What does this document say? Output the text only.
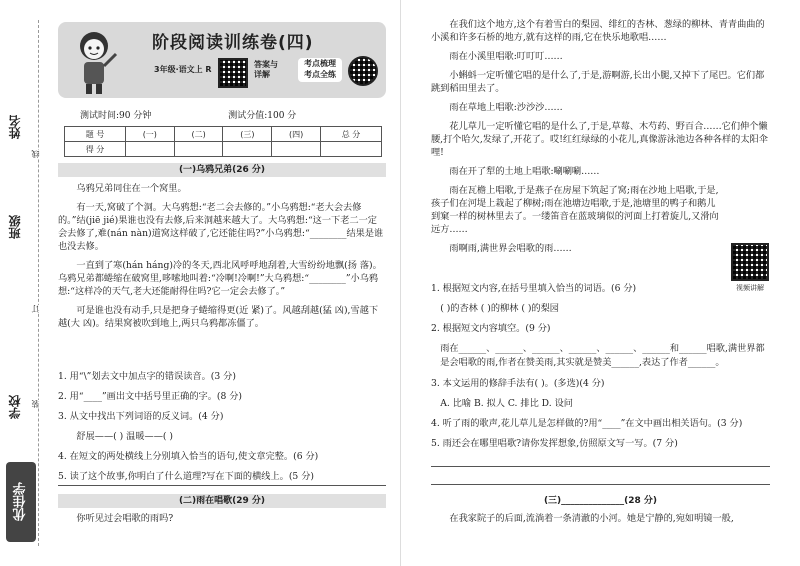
姓名
班级
学校
线
订
装
优佳学
阶段阅读训练卷(四)
3年级·语文上 R
答案与
详解
考点梳理
考点全练
测试时间:90 分钟	测试分值:100 分
题 号	(一)	(二)	(三)	(四)	总 分
得 分					
(一)乌鸦兄弟(26 分)

乌鸦兄弟同住在一个窝里。

有一天,窝破了个洞。大乌鸦想:“老二会去修的。”小乌鸦想:“老大会去修的。”结(jiē jié)果谁也没有去修,后来洞越来越大了。大乌鸦想:“这一下老二一定会去修了,难(nán nàn)道窝这样破了,它还能住吗?”小乌鸦想:“________结果是谁也没去修。

一直到了寒(hán háng)冷的冬天,西北风呼呼地刮着,大雪纷纷地飘(扬 落)。乌鸦兄弟都蜷缩在破窝里,哆嗦地叫着:“冷啊!冷啊!”大乌鸦想:“________”小乌鸦想:“这样冷的天气,老大还能耐得住吗?它一定会去修了。”

可是谁也没有动手,只是把身子蜷缩得更(近 紧)了。风越刮越(猛 凶),雪越下越(大 凶)。结果窝被吹到地上,两只乌鸦都冻僵了。

1. 用“\”划去文中加点字的错误读音。(3 分)

2. 用“____”画出文中括号里正确的字。(8 分)

3. 从文中找出下列词语的反义词。(4 分)

舒展——( ) 温暖——( )

4. 在短文的两处横线上分别填入恰当的语句,使文章完整。(6 分)

5. 读了这个故事,你明白了什么道理?写在下面的横线上。(5 分)

(二)雨在唱歌(29 分)

你听见过会唱歌的雨吗?

在我们这个地方,这个有着雪白的梨园、绯红的杏林、葱绿的柳林、青青曲曲的小溪和许多石桥的地方,就有这样的雨,它在快乐地歌唱……

雨在小溪里唱歌:叮叮叮……

小蝌蚪一定听懂它唱的是什么了,于是,游啊游,长出小腿,又掉下了尾巴。它们都跳到稻田里去了。

雨在草地上唱歌:沙沙沙……

花儿草儿一定听懂它唱的是什么了,于是,草莓、木芍药、野百合……它们伸个懒腰,打个哈欠,发绿了,开花了。哎!红红绿绿的小花儿,真像游泳池边各种各样的太阳伞哩!

雨在开了犁的土地上唱歌:唰唰唰……

雨在瓦檐上唱歌,于是燕子在房屋下筑起了窝;雨在沙地上唱歌,于是,孩子们在河堤上栽起了柳树;雨在池塘边唱歌,于是,池塘里的鸭子和鹅儿到窠一样的树林里去了。一缕笛音在蓝玻璃似的河面上打着旋儿,又滑向远方……

雨啊雨,满世界会唱歌的雨……

视频讲解

1. 根据短文内容,在括号里填入恰当的词语。(6 分)

( )的杏林 ( )的柳林 ( )的梨园

2. 根据短文内容填空。(9 分)

雨在______、______、______、______、______、______和______唱歌,满世界都是会唱歌的雨,作者在赞美雨,其实就是赞美______,表达了作者______。

3. 本文运用的修辞手法有( )。(多选)(4 分)

A. 比喻 B. 拟人 C. 排比 D. 设问

4. 听了雨的歌声,花儿草儿是怎样做的?用“____”在文中画出相关语句。(3 分)

5. 雨还会在哪里唱歌?请你发挥想象,仿照原文写一写。(7 分)

(三)______________(28 分)

在我家院子的后面,流淌着一条清澈的小河。她是宁静的,宛如明镜一般,
